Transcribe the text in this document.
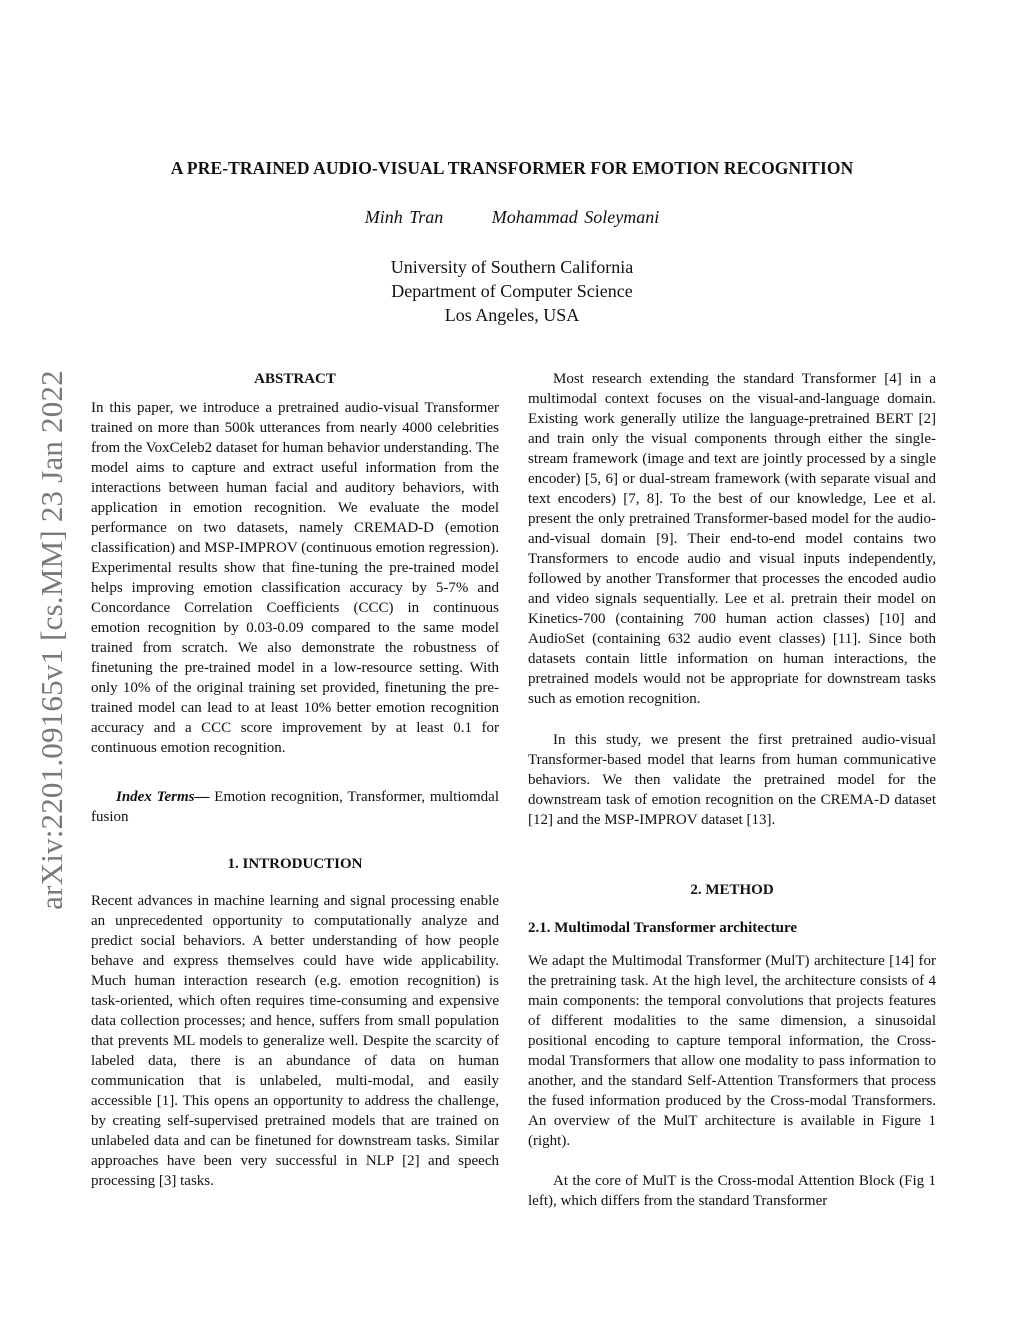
arXiv:2201.09165v1 [cs.MM] 23 Jan 2022
A PRE-TRAINED AUDIO-VISUAL TRANSFORMER FOR EMOTION RECOGNITION
Minh Tran	Mohammad Soleymani
University of Southern California
Department of Computer Science
Los Angeles, USA
ABSTRACT

In this paper, we introduce a pretrained audio-visual Transformer trained on more than 500k utterances from nearly 4000 celebrities from the VoxCeleb2 dataset for human behavior understanding. The model aims to capture and extract useful information from the interactions between human facial and auditory behaviors, with application in emotion recognition. We evaluate the model performance on two datasets, namely CREMAD-D (emotion classification) and MSP-IMPROV (continuous emotion regression). Experimental results show that fine-tuning the pre-trained model helps improving emotion classification accuracy by 5-7% and Concordance Correlation Coefficients (CCC) in continuous emotion recognition by 0.03-0.09 compared to the same model trained from scratch. We also demonstrate the robustness of finetuning the pre-trained model in a low-resource setting. With only 10% of the original training set provided, finetuning the pre-trained model can lead to at least 10% better emotion recognition accuracy and a CCC score improvement by at least 0.1 for continuous emotion recognition.

Index Terms— Emotion recognition, Transformer, multiomdal fusion

1. INTRODUCTION

Recent advances in machine learning and signal processing enable an unprecedented opportunity to computationally analyze and predict social behaviors. A better understanding of how people behave and express themselves could have wide applicability. Much human interaction research (e.g. emotion recognition) is task-oriented, which often requires time-consuming and expensive data collection processes; and hence, suffers from small population that prevents ML models to generalize well. Despite the scarcity of labeled data, there is an abundance of data on human communication that is unlabeled, multi-modal, and easily accessible [1]. This opens an opportunity to address the challenge, by creating self-supervised pretrained models that are trained on unlabeled data and can be finetuned for downstream tasks. Similar approaches have been very successful in NLP [2] and speech processing [3] tasks.

Most research extending the standard Transformer [4] in a multimodal context focuses on the visual-and-language domain. Existing work generally utilize the language-pretrained BERT [2] and train only the visual components through either the single-stream framework (image and text are jointly processed by a single encoder) [5, 6] or dual-stream framework (with separate visual and text encoders) [7, 8]. To the best of our knowledge, Lee et al. present the only pretrained Transformer-based model for the audio-and-visual domain [9]. Their end-to-end model contains two Transformers to encode audio and visual inputs independently, followed by another Transformer that processes the encoded audio and video signals sequentially. Lee et al. pretrain their model on Kinetics-700 (containing 700 human action classes) [10] and AudioSet (containing 632 audio event classes) [11]. Since both datasets contain little information on human interactions, the pretrained models would not be appropriate for downstream tasks such as emotion recognition.

In this study, we present the first pretrained audio-visual Transformer-based model that learns from human communicative behaviors. We then validate the pretrained model for the downstream task of emotion recognition on the CREMA-D dataset [12] and the MSP-IMPROV dataset [13].

2. METHOD
2.1. Multimodal Transformer architecture

We adapt the Multimodal Transformer (MulT) architecture [14] for the pretraining task. At the high level, the architecture consists of 4 main components: the temporal convolutions that projects features of different modalities to the same dimension, a sinusoidal positional encoding to capture temporal information, the Cross-modal Transformers that allow one modality to pass information to another, and the standard Self-Attention Transformers that process the fused information produced by the Cross-modal Transformers. An overview of the MulT architecture is available in Figure 1 (right).

At the core of MulT is the Cross-modal Attention Block (Fig 1 left), which differs from the standard Transformer
